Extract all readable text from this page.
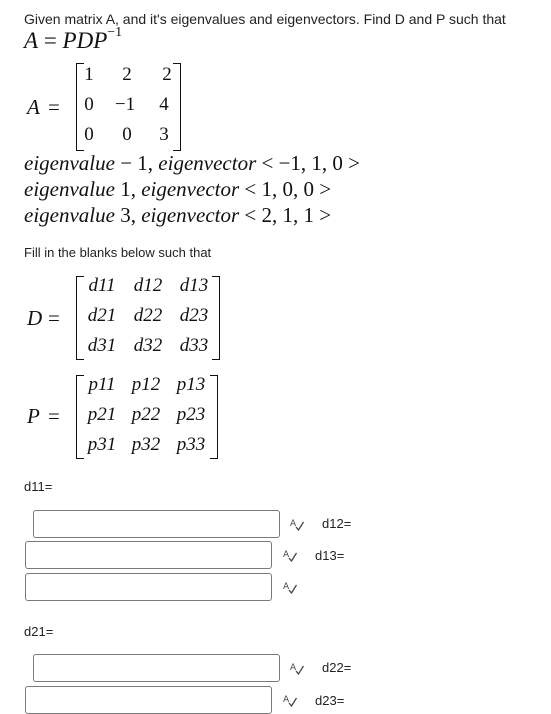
Given matrix A, and it's eigenvalues and eigenvectors. Find D and P such that
$A = PDP^{-1}$
A =
1	2	2
0	−1	4
0	0	3
eigenvalue − 1, eigenvector < −1, 1, 0 >
eigenvalue 1, eigenvector < 1, 0, 0 >
eigenvalue 3, eigenvector < 2, 1, 1 >
Fill in the blanks below such that
D =
d11 d12 d13
d21 d22 d23
d31 d32 d33
P =
p11 p12 p13
p21 p22 p23
p31 p32 p33
d11=
A d12=
A d13=
A
d21=
A d22=
A d23=
